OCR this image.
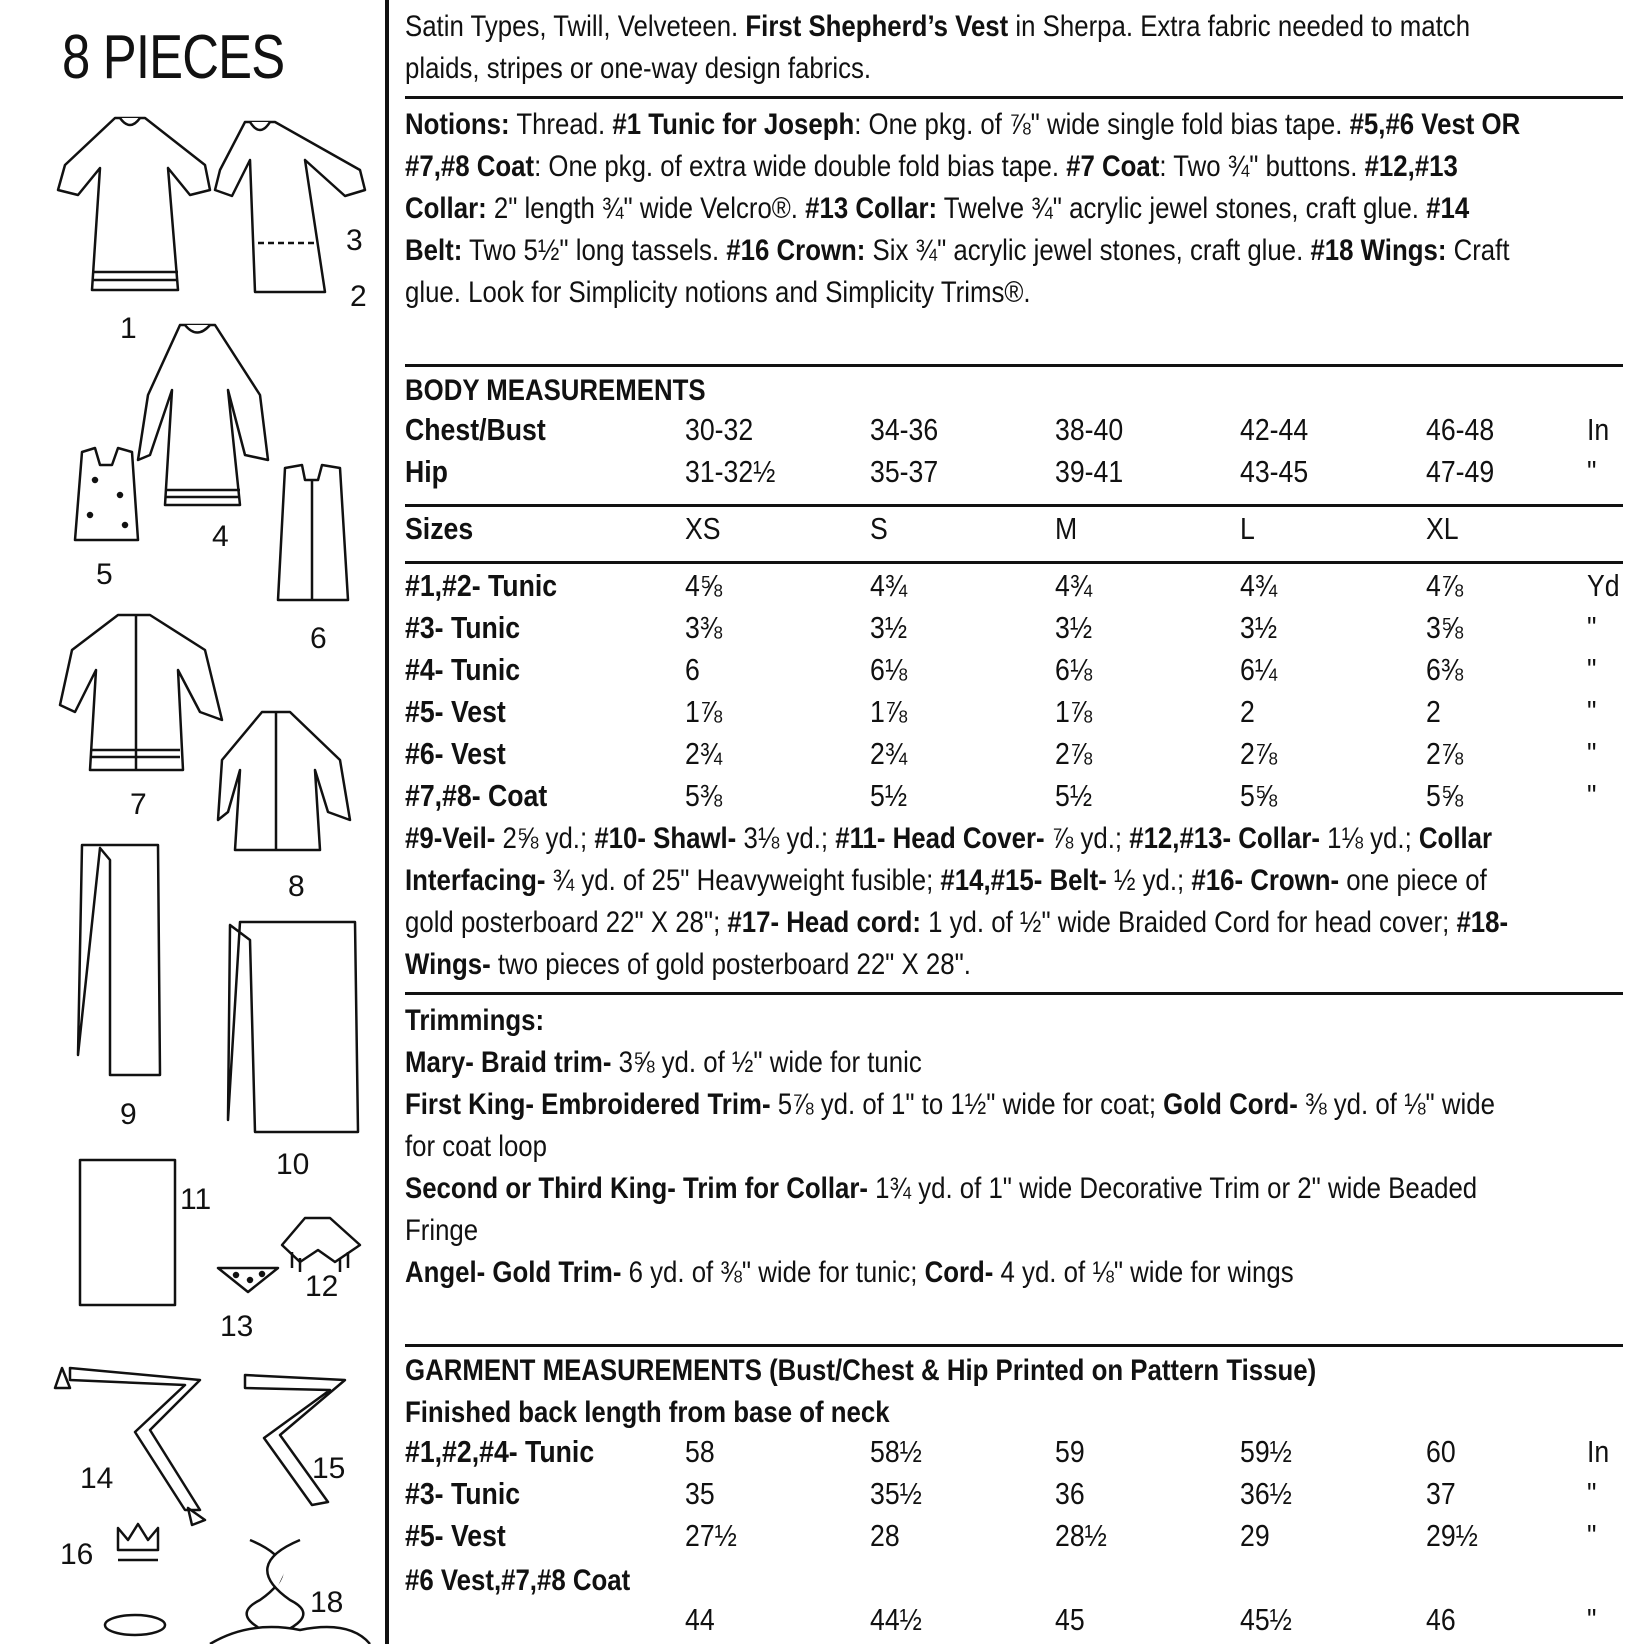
8 PIECES
1
2
3
4
5
6
7
8
9
10
11
12
13
14	15
16
18
Satin Types, Twill, Velveteen. First Shepherd’s Vest in Sherpa. Extra fabric needed to match
plaids, stripes or one-way design fabrics.
Notions: Thread. #1 Tunic for Joseph: One pkg. of ⅞" wide single fold bias tape. #5,#6 Vest OR
#7,#8 Coat: One pkg. of extra wide double fold bias tape. #7 Coat: Two ¾" buttons. #12,#13
Collar: 2" length ¾" wide Velcro®. #13 Collar: Twelve ¾" acrylic jewel stones, craft glue. #14
Belt: Two 5½" long tassels. #16 Crown: Six ¾" acrylic jewel stones, craft glue. #18 Wings: Craft
glue. Look for Simplicity notions and Simplicity Trims®.
BODY MEASUREMENTS
Chest/Bust	30-32	34-36	38-40	42-44	46-48	In
Hip	31-32½	35-37	39-41	43-45	47-49	"
Sizes	XS	S	M	L	XL
#1,#2- Tunic	4⅝	4¾	4¾	4¾	4⅞	Yd
#3- Tunic	3⅜	3½	3½	3½	3⅝	"
#4- Tunic	6	6⅛	6⅛	6¼	6⅜	"
#5- Vest	1⅞	1⅞	1⅞	2	2	"
#6- Vest	2¾	2¾	2⅞	2⅞	2⅞	"
#7,#8- Coat	5⅜	5½	5½	5⅝	5⅝	"
#9-Veil- 2⅝ yd.; #10- Shawl- 3⅛ yd.; #11- Head Cover- ⅞ yd.; #12,#13- Collar- 1⅛ yd.; Collar
Interfacing- ¾ yd. of 25" Heavyweight fusible; #14,#15- Belt- ½ yd.; #16- Crown- one piece of
gold posterboard 22" X 28"; #17- Head cord: 1 yd. of ½" wide Braided Cord for head cover; #18-
Wings- two pieces of gold posterboard 22" X 28".
Trimmings:
Mary- Braid trim- 3⅝ yd. of ½" wide for tunic
First King- Embroidered Trim- 5⅞ yd. of 1" to 1½" wide for coat; Gold Cord- ⅜ yd. of ⅛" wide
for coat loop
Second or Third King- Trim for Collar- 1¾ yd. of 1" wide Decorative Trim or 2" wide Beaded
Fringe
Angel- Gold Trim- 6 yd. of ⅜" wide for tunic; Cord- 4 yd. of ⅛" wide for wings
GARMENT MEASUREMENTS (Bust/Chest & Hip Printed on Pattern Tissue)
Finished back length from base of neck
#1,#2,#4- Tunic	58	58½	59	59½	60	In
#3- Tunic	35	35½	36	36½	37	"
#5- Vest	27½	28	28½	29	29½	"
#6 Vest,#7,#8 Coat
44	44½	45	45½	46	"
